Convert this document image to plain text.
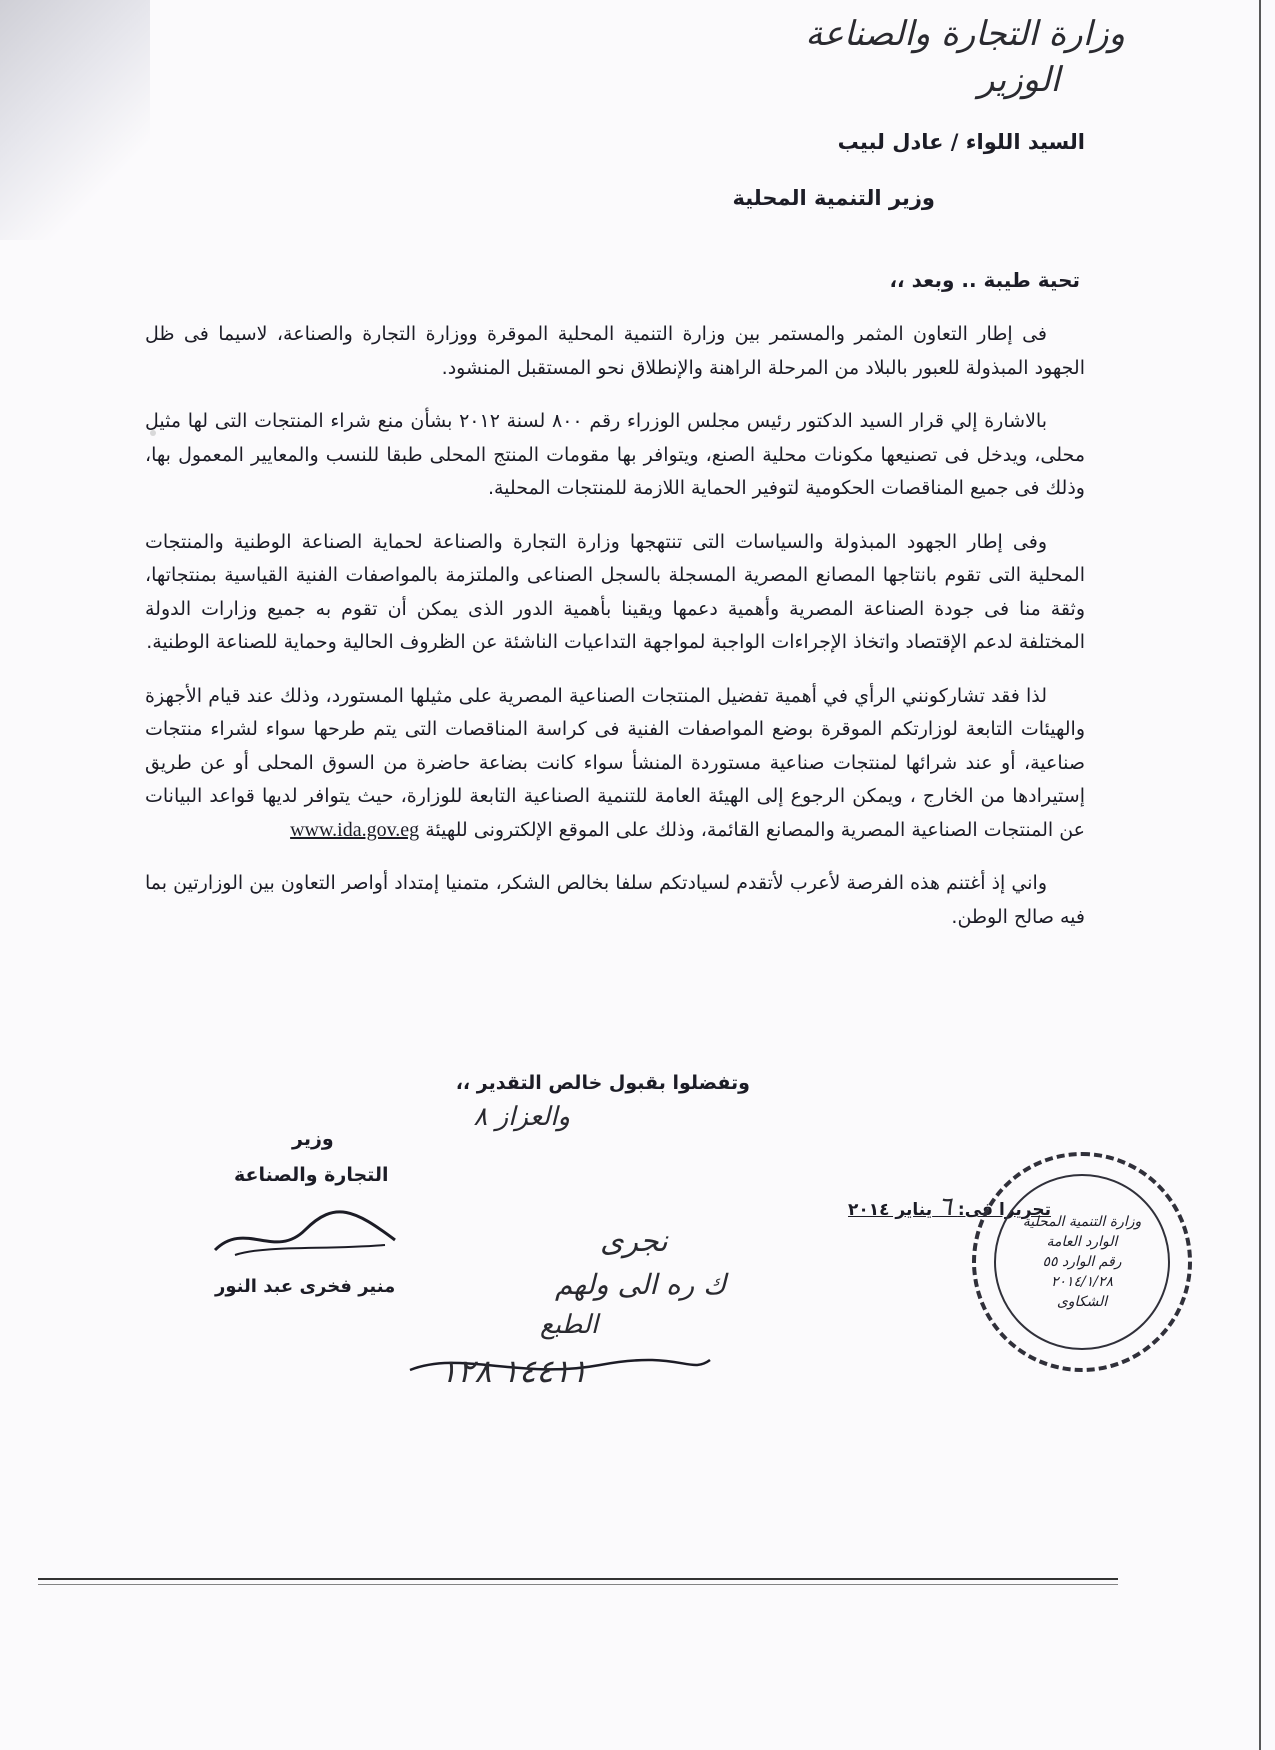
وزارة التجارة والصناعة
الوزير
السيد اللواء / عادل لبيب
وزير التنمية المحلية
تحية طيبة .. وبعد ،،

فى إطار التعاون المثمر والمستمر بين وزارة التنمية المحلية الموقرة ووزارة التجارة والصناعة، لاسيما فى ظل الجهود المبذولة للعبور بالبلاد من المرحلة الراهنة والإنطلاق نحو المستقبل المنشود.

بالاشارة إلي قرار السيد الدكتور رئيس مجلس الوزراء رقم ٨٠٠ لسنة ٢٠١٢ بشأن منع شراء المنتجات التى لها مثيل محلى، ويدخل فى تصنيعها مكونات محلية الصنع، ويتوافر بها مقومات المنتج المحلى طبقا للنسب والمعايير المعمول بها، وذلك فى جميع المناقصات الحكومية لتوفير الحماية اللازمة للمنتجات المحلية.

وفى إطار الجهود المبذولة والسياسات التى تنتهجها وزارة التجارة والصناعة لحماية الصناعة الوطنية والمنتجات المحلية التى تقوم بانتاجها المصانع المصرية المسجلة بالسجل الصناعى والملتزمة بالمواصفات الفنية القياسية بمنتجاتها، وثقة منا فى جودة الصناعة المصرية وأهمية دعمها ويقينا بأهمية الدور الذى يمكن أن تقوم به جميع وزارات الدولة المختلفة لدعم الإقتصاد واتخاذ الإجراءات الواجبة لمواجهة التداعيات الناشئة عن الظروف الحالية وحماية للصناعة الوطنية.

لذا فقد تشاركونني الرأي في أهمية تفضيل المنتجات الصناعية المصرية على مثيلها المستورد، وذلك عند قيام الأجهزة والهيئات التابعة لوزارتكم الموقرة بوضع المواصفات الفنية فى كراسة المناقصات التى يتم طرحها سواء لشراء منتجات صناعية، أو عند شرائها لمنتجات صناعية مستوردة المنشأ سواء كانت بضاعة حاضرة من السوق المحلى أو عن طريق إستيرادها من الخارج ، ويمكن الرجوع إلى الهيئة العامة للتنمية الصناعية التابعة للوزارة، حيث يتوافر لديها قواعد البيانات عن المنتجات الصناعية المصرية والمصانع القائمة، وذلك على الموقع الإلكترونى للهيئة www.ida.gov.eg

واني إذ أغتنم هذه الفرصة لأعرب لأتقدم لسيادتكم سلفا بخالص الشكر، متمنيا إمتداد أواصر التعاون بين الوزارتين بما فيه صالح الوطن.

وتفضلوا بقبول خالص التقدير ،،
والعزاز ٨
وزير
التجارة والصناعة
منير فخرى عبد النور
تحريرا فى: ٦ يناير ٢٠١٤
نجرى
ك ره الى ولهم
الطبع
١٤٤١١ ١٢٨
وزارة التنمية المحلية
الوارد العامة
رقم الوارد ٥٥
٢٠١٤/١/٢٨
الشكاوى
